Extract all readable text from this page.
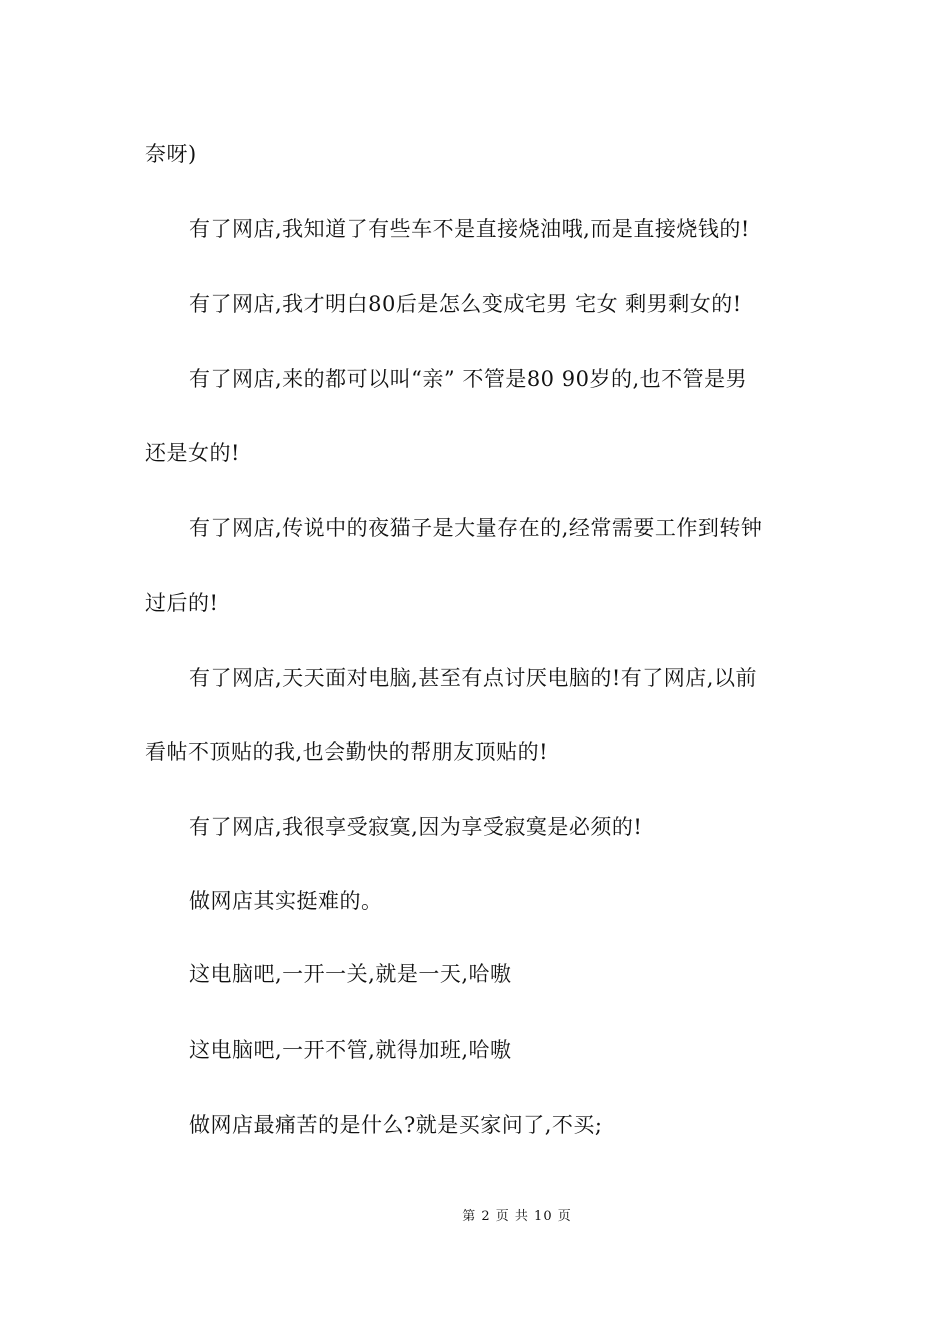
奈呀)
有了网店,我知道了有些车不是直接烧油哦,而是直接烧钱的!
有了网店,我才明白80后是怎么变成宅男 宅女 剩男剩女的!
有了网店,来的都可以叫“亲” 不管是80 90岁的,也不管是男
还是女的!
有了网店,传说中的夜猫子是大量存在的,经常需要工作到转钟
过后的!
有了网店,天天面对电脑,甚至有点讨厌电脑的!有了网店,以前
看帖不顶贴的我,也会勤快的帮朋友顶贴的!
有了网店,我很享受寂寞,因为享受寂寞是必须的!
做网店其实挺难的。
这电脑吧,一开一关,就是一天,哈嗷
这电脑吧,一开不管,就得加班,哈嗷
做网店最痛苦的是什么?就是买家问了,不买;
第 2 页 共 10 页
